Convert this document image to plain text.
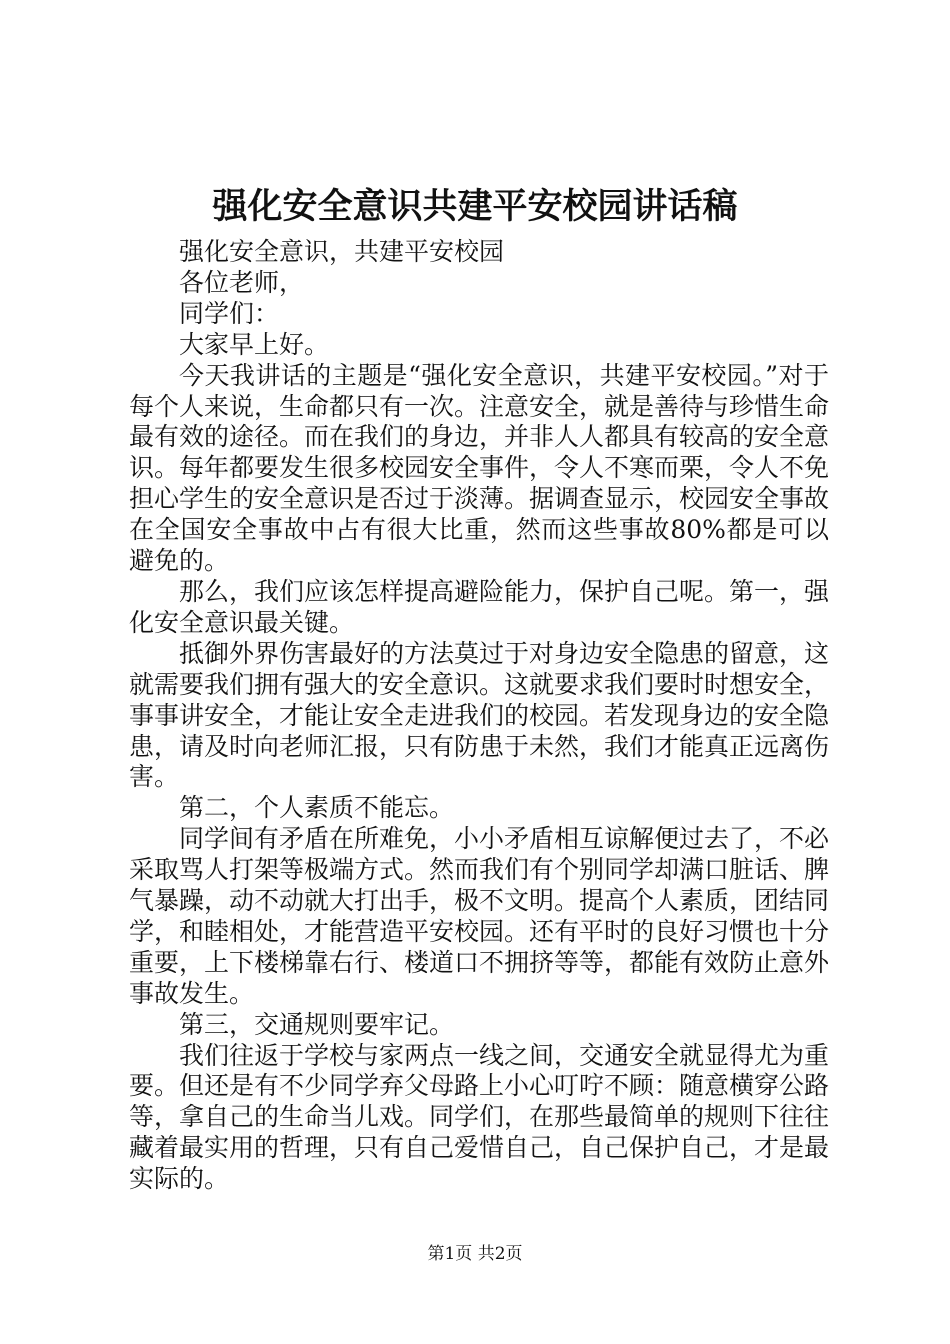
强化安全意识共建平安校园讲话稿

强化安全意识，共建平安校园

各位老师，

同学们：

大家早上好。

今天我讲话的主题是“强化安全意识，共建平安校园。”对于每个人来说，生命都只有一次。注意安全，就是善待与珍惜生命最有效的途径。而在我们的身边，并非人人都具有较高的安全意识。每年都要发生很多校园安全事件，令人不寒而栗，令人不免担心学生的安全意识是否过于淡薄。据调查显示，校园安全事故在全国安全事故中占有很大比重，然而这些事故80%都是可以避免的。

那么，我们应该怎样提高避险能力，保护自己呢。第一，强化安全意识最关键。

抵御外界伤害最好的方法莫过于对身边安全隐患的留意，这就需要我们拥有强大的安全意识。这就要求我们要时时想安全，事事讲安全，才能让安全走进我们的校园。若发现身边的安全隐患，请及时向老师汇报，只有防患于未然，我们才能真正远离伤害。

第二，个人素质不能忘。

同学间有矛盾在所难免，小小矛盾相互谅解便过去了，不必采取骂人打架等极端方式。然而我们有个别同学却满口脏话、脾气暴躁，动不动就大打出手，极不文明。提高个人素质，团结同学，和睦相处，才能营造平安校园。还有平时的良好习惯也十分重要，上下楼梯靠右行、楼道口不拥挤等等，都能有效防止意外事故发生。

第三，交通规则要牢记。

我们往返于学校与家两点一线之间，交通安全就显得尤为重要。但还是有不少同学弃父母路上小心叮咛不顾：随意横穿公路等，拿自己的生命当儿戏。同学们，在那些最简单的规则下往往藏着最实用的哲理，只有自己爱惜自己，自己保护自己，才是最实际的。

第1页 共2页
